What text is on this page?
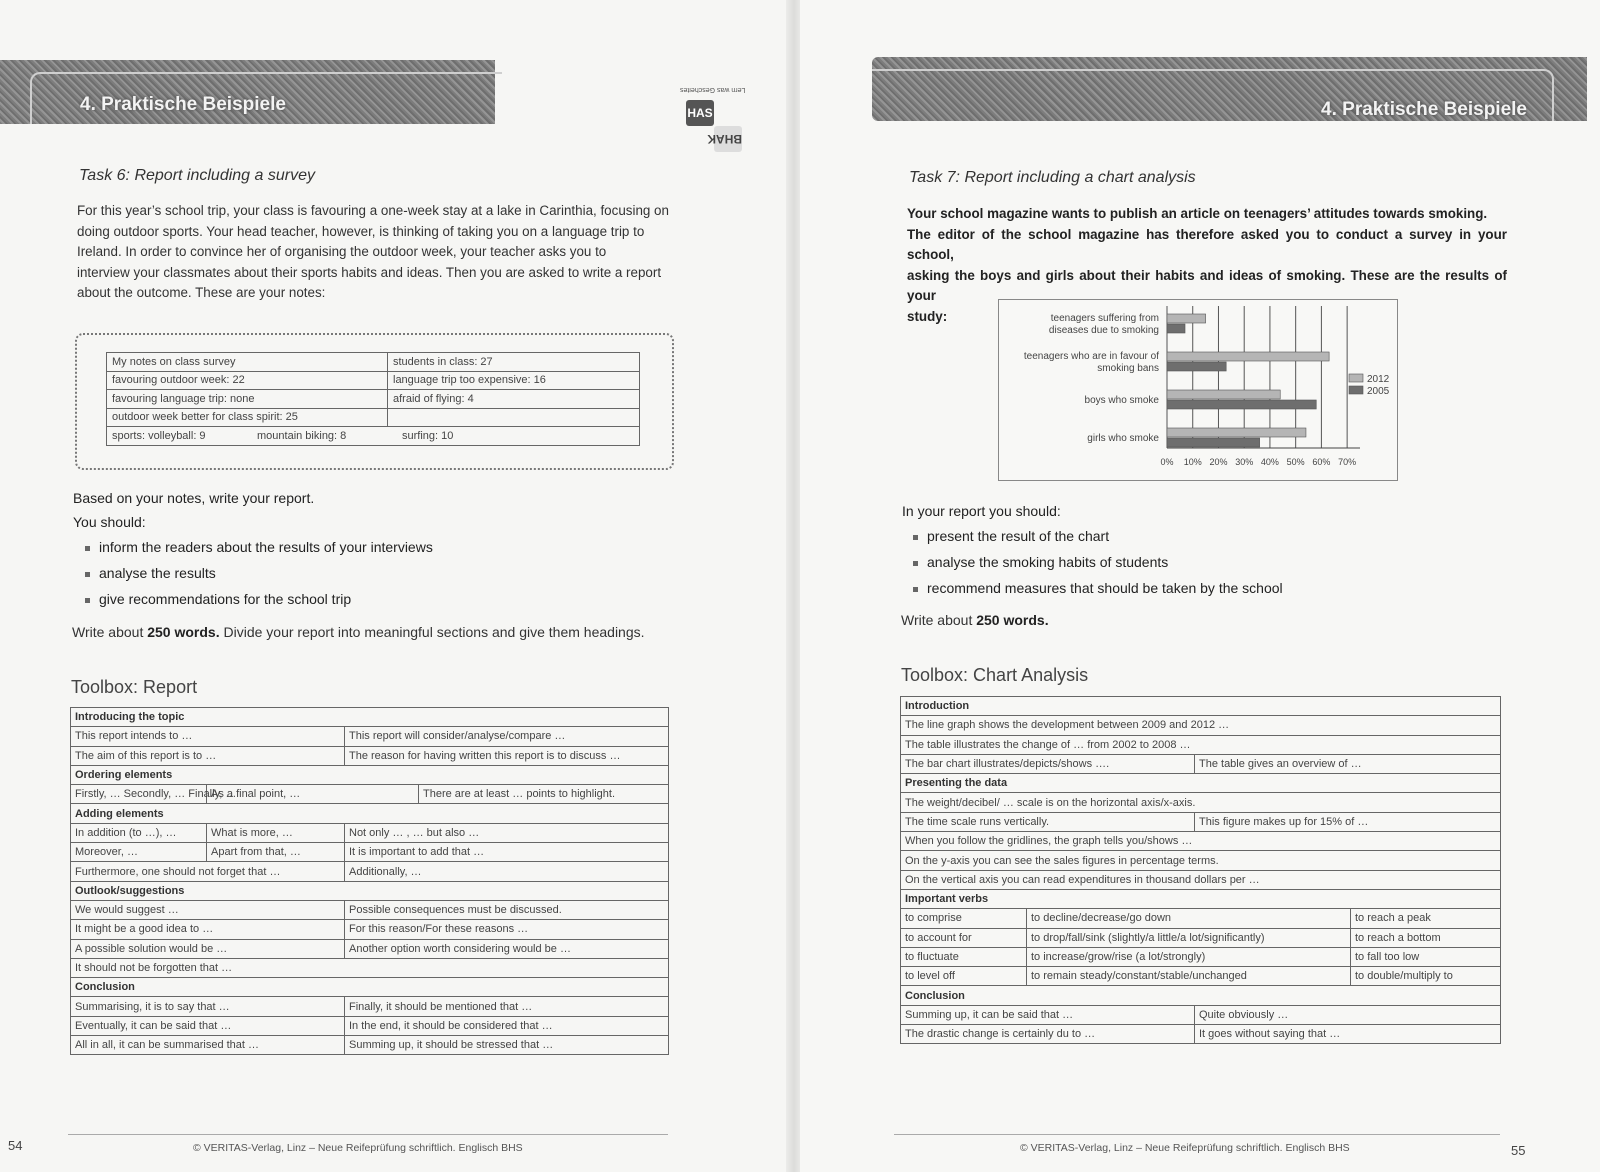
4. Praktische Beispiele
Lern was Gescheites
HAS
BHAK
Task 6: Report including a survey
For this year’s school trip, your class is favouring a one-week stay at a lake in Carinthia, focusing on
doing outdoor sports. Your head teacher, however, is thinking of taking you on a language trip to
Ireland. In order to convince her of organising the outdoor week, your teacher asks you to
interview your classmates about their sports habits and ideas. Then you are asked to write a report
about the outcome. These are your notes:
My notes on class survey	students in class: 27
favouring outdoor week: 22	language trip too expensive: 16
favouring language trip: none	afraid of flying: 4
outdoor week better for class spirit: 25	
sports: volleyball: 9 mountain biking: 8 surfing: 10	
Based on your notes, write your report.
You should:
inform the readers about the results of your interviews
analyse the results
give recommendations for the school trip
Write about 250 words. Divide your report into meaningful sections and give them headings.
Toolbox: Report
Introducing the topic			
This report intends to …		This report will consider/analyse/compare …	
The aim of this report is to …		The reason for having written this report is to discuss …	
Ordering elements			
Firstly, … Secondly, … Finally, …	As a final point, …		There are at least … points to highlight.
Adding elements			
In addition (to …), …	What is more, …	Not only … , … but also …	
Moreover, …	Apart from that, …	It is important to add that …	
Furthermore, one should not forget that …		Additionally, …	
Outlook/suggestions			
We would suggest …		Possible consequences must be discussed.	
It might be a good idea to …		For this reason/For these reasons …	
A possible solution would be …		Another option worth considering would be …	
It should not be forgotten that …			
Conclusion			
Summarising, it is to say that …		Finally, it should be mentioned that …	
Eventually, it can be said that …		In the end, it should be considered that …	
All in all, it can be summarised that …		Summing up, it should be stressed that …	
54	© VERITAS-Verlag, Linz – Neue Reifeprüfung schriftlich. Englisch BHS
4. Praktische Beispiele
Task 7: Report including a chart analysis
Your school magazine wants to publish an article on teenagers’ attitudes towards smoking.
The editor of the school magazine has therefore asked you to conduct a survey in your school,
asking the boys and girls about their habits and ideas of smoking. These are the results of your
study:
In your report you should:
present the result of the chart
analyse the smoking habits of students
recommend measures that should be taken by the school
Write about 250 words.
Toolbox: Chart Analysis
Introduction			
The line graph shows the development between 2009 and 2012 …			
The table illustrates the change of … from 2002 to 2008 …			
The bar chart illustrates/depicts/shows ….		The table gives an overview of …	
Presenting the data			
The weight/decibel/ … scale is on the horizontal axis/x-axis.			
The time scale runs vertically.		This figure makes up for 15% of …	
When you follow the gridlines, the graph tells you/shows …			
On the y-axis you can see the sales figures in percentage terms.			
On the vertical axis you can read expenditures in thousand dollars per …			
Important verbs			
to comprise	to decline/decrease/go down		to reach a peak
to account for	to drop/fall/sink (slightly/a little/a lot/significantly)		to reach a bottom
to fluctuate	to increase/grow/rise (a lot/strongly)		to fall too low
to level off	to remain steady/constant/stable/unchanged		to double/multiply to
Conclusion			
Summing up, it can be said that …		Quite obviously …	
The drastic change is certainly du to …		It goes without saying that …	
© VERITAS-Verlag, Linz – Neue Reifeprüfung schriftlich. Englisch BHS	55
0% 10% 20% 30% 40% 50% 60% 70%
teenagers suffering from
diseases due to smoking
teenagers who are in favour of
smoking bans
boys who smoke
girls who smoke
2012
2005
